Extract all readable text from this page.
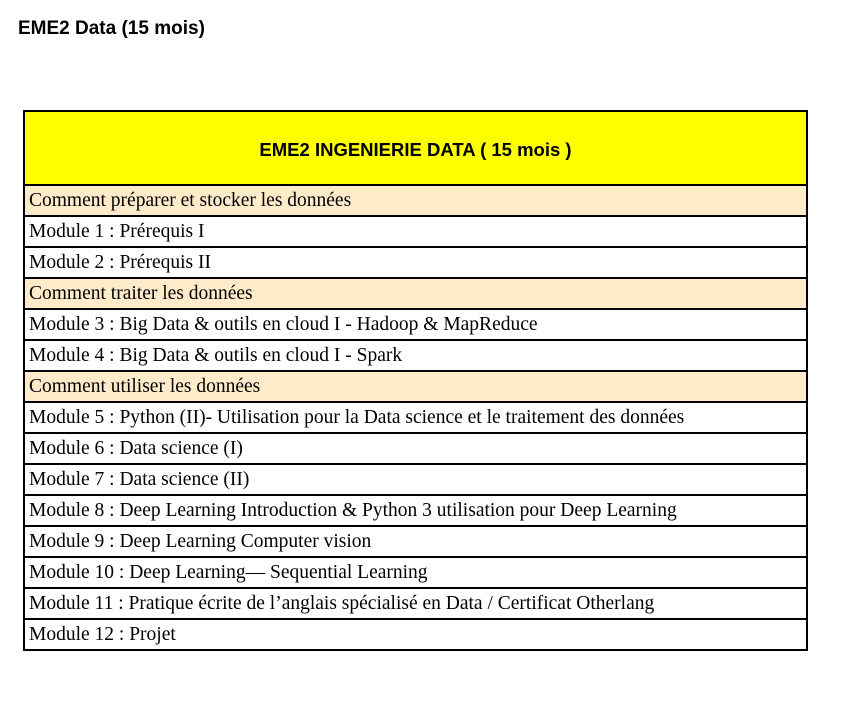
EME2 Data (15 mois)
EME2 INGENIERIE DATA ( 15 mois )
Comment préparer et stocker les données
Module 1 : Prérequis I
Module 2 : Prérequis II
Comment traiter les données
Module 3 : Big Data & outils en cloud I - Hadoop & MapReduce
Module 4 : Big Data & outils en cloud I - Spark
Comment utiliser les données
Module 5 : Python (II)- Utilisation pour la Data science et le traitement des données
Module 6 : Data science (I)
Module 7 : Data science (II)
Module 8 : Deep Learning Introduction & Python 3 utilisation pour Deep Learning
Module 9 : Deep Learning Computer vision
Module 10 : Deep Learning— Sequential Learning
Module 11 : Pratique écrite de l’anglais spécialisé en Data / Certificat Otherlang
Module 12 : Projet
